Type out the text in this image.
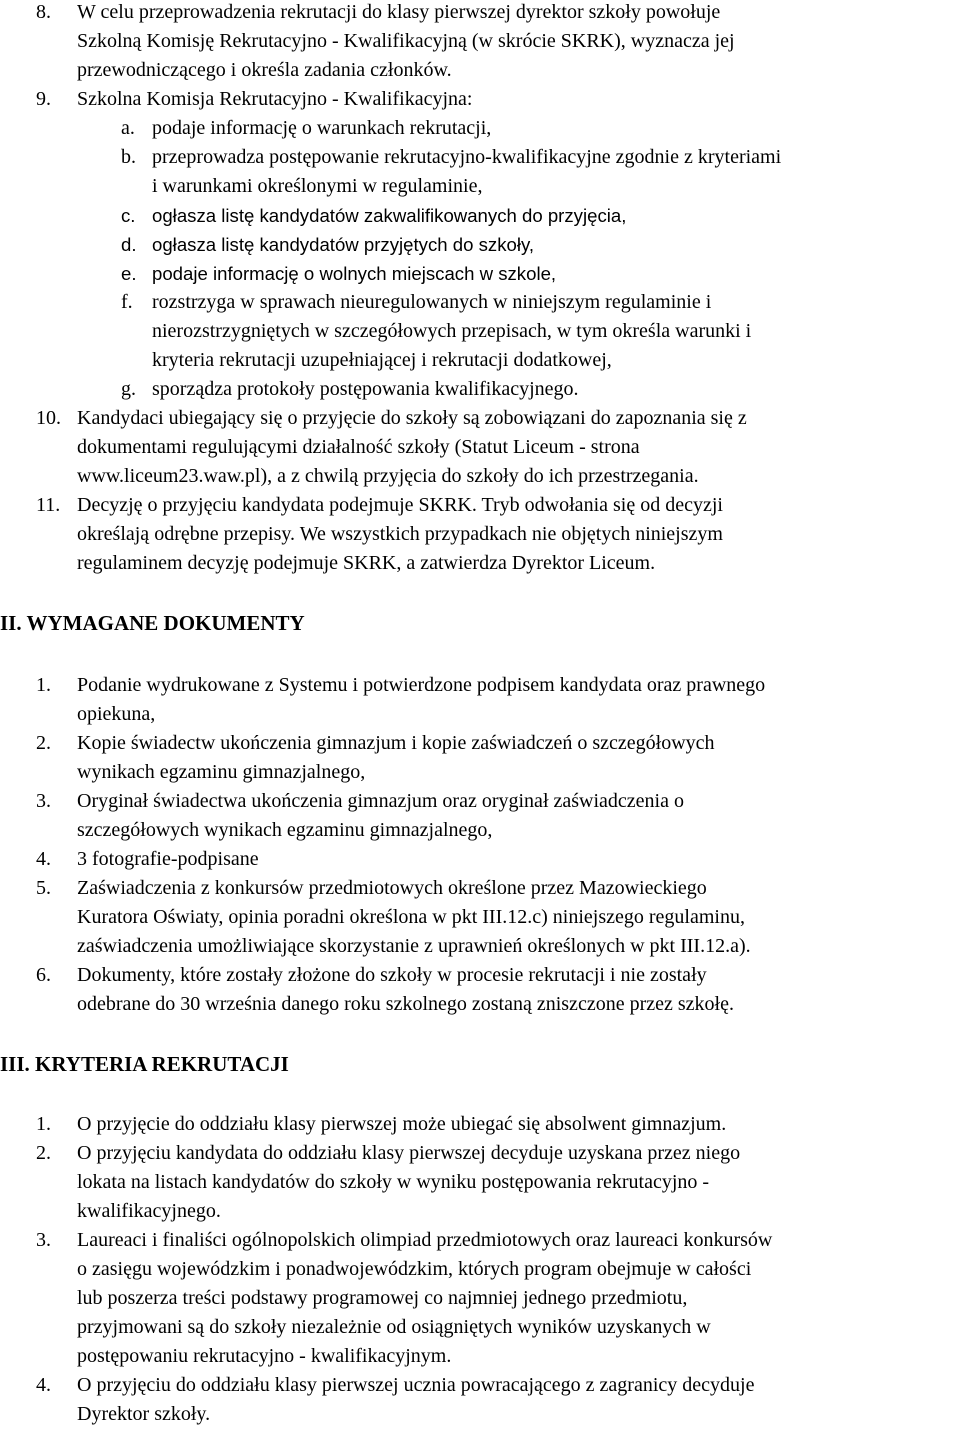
8. W celu przeprowadzenia rekrutacji do klasy pierwszej dyrektor szkoły powołuje
Szkolną Komisję Rekrutacyjno - Kwalifikacyjną (w skrócie SKRK), wyznacza jej
przewodniczącego i określa zadania członków.
9. Szkolna Komisja Rekrutacyjno - Kwalifikacyjna:
a. podaje informację o warunkach rekrutacji,
b. przeprowadza postępowanie rekrutacyjno-kwalifikacyjne zgodnie z kryteriami
i warunkami określonymi w regulaminie,
c. ogłasza listę kandydatów zakwalifikowanych do przyjęcia,
d. ogłasza listę kandydatów przyjętych do szkoły,
e. podaje informację o wolnych miejscach w szkole,
f. rozstrzyga w sprawach nieuregulowanych w niniejszym regulaminie i
nierozstrzygniętych w szczegółowych przepisach, w tym określa warunki i
kryteria rekrutacji uzupełniającej i rekrutacji dodatkowej,
g. sporządza protokoły postępowania kwalifikacyjnego.
10. Kandydaci ubiegający się o przyjęcie do szkoły są zobowiązani do zapoznania się z
dokumentami regulującymi działalność szkoły (Statut Liceum - strona
www.liceum23.waw.pl), a z chwilą przyjęcia do szkoły do ich przestrzegania.
11. Decyzję o przyjęciu kandydata podejmuje SKRK. Tryb odwołania się od decyzji
określają odrębne przepisy. We wszystkich przypadkach nie objętych niniejszym
regulaminem decyzję podejmuje SKRK, a zatwierdza Dyrektor Liceum.
II. WYMAGANE DOKUMENTY
1. Podanie wydrukowane z Systemu i potwierdzone podpisem kandydata oraz prawnego
opiekuna,
2. Kopie świadectw ukończenia gimnazjum i kopie zaświadczeń o szczegółowych
wynikach egzaminu gimnazjalnego,
3. Oryginał świadectwa ukończenia gimnazjum oraz oryginał zaświadczenia o
szczegółowych wynikach egzaminu gimnazjalnego,
4. 3 fotografie-podpisane
5. Zaświadczenia z konkursów przedmiotowych określone przez Mazowieckiego
Kuratora Oświaty, opinia poradni określona w pkt III.12.c) niniejszego regulaminu,
zaświadczenia umożliwiające skorzystanie z uprawnień określonych w pkt III.12.a).
6. Dokumenty, które zostały złożone do szkoły w procesie rekrutacji i nie zostały
odebrane do 30 września danego roku szkolnego zostaną zniszczone przez szkołę.
III. KRYTERIA REKRUTACJI
1. O przyjęcie do oddziału klasy pierwszej może ubiegać się absolwent gimnazjum.
2. O przyjęciu kandydata do oddziału klasy pierwszej decyduje uzyskana przez niego
lokata na listach kandydatów do szkoły w wyniku postępowania rekrutacyjno -
kwalifikacyjnego.
3. Laureaci i finaliści ogólnopolskich olimpiad przedmiotowych oraz laureaci konkursów
o zasięgu wojewódzkim i ponadwojewódzkim, których program obejmuje w całości
lub poszerza treści podstawy programowej co najmniej jednego przedmiotu,
przyjmowani są do szkoły niezależnie od osiągniętych wyników uzyskanych w
postępowaniu rekrutacyjno - kwalifikacyjnym.
4. O przyjęciu do oddziału klasy pierwszej ucznia powracającego z zagranicy decyduje
Dyrektor szkoły.
